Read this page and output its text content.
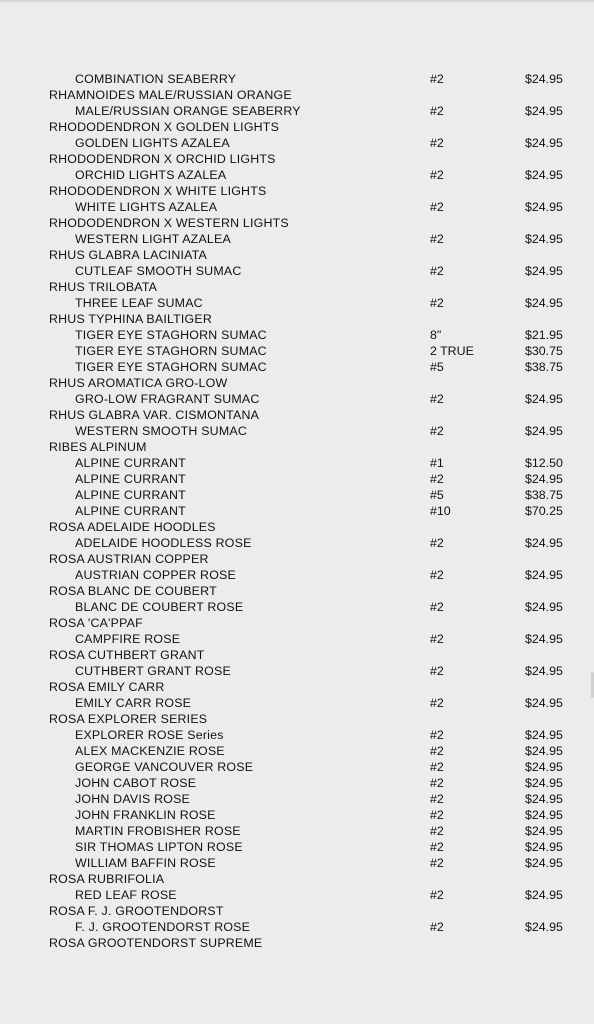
COMBINATION SEABERRY	#2	$24.95
RHAMNOIDES MALE/RUSSIAN ORANGE
MALE/RUSSIAN ORANGE SEABERRY	#2	$24.95
RHODODENDRON X GOLDEN LIGHTS
GOLDEN LIGHTS AZALEA	#2	$24.95
RHODODENDRON X ORCHID LIGHTS
ORCHID LIGHTS AZALEA	#2	$24.95
RHODODENDRON X WHITE LIGHTS
WHITE LIGHTS AZALEA	#2	$24.95
RHODODENDRON X WESTERN LIGHTS
WESTERN LIGHT AZALEA	#2	$24.95
RHUS GLABRA LACINIATA
CUTLEAF SMOOTH SUMAC	#2	$24.95
RHUS TRILOBATA
THREE LEAF SUMAC	#2	$24.95
RHUS TYPHINA BAILTIGER
TIGER EYE STAGHORN SUMAC	8"	$21.95
TIGER EYE STAGHORN SUMAC	2 TRUE	$30.75
TIGER EYE STAGHORN SUMAC	#5	$38.75
RHUS AROMATICA GRO-LOW
GRO-LOW FRAGRANT SUMAC	#2	$24.95
RHUS GLABRA VAR. CISMONTANA
WESTERN SMOOTH SUMAC	#2	$24.95
RIBES ALPINUM
ALPINE CURRANT	#1	$12.50
ALPINE CURRANT	#2	$24.95
ALPINE CURRANT	#5	$38.75
ALPINE CURRANT	#10	$70.25
ROSA ADELAIDE HOODLES
ADELAIDE HOODLESS ROSE	#2	$24.95
ROSA AUSTRIAN COPPER
AUSTRIAN COPPER ROSE	#2	$24.95
ROSA BLANC DE COUBERT
BLANC DE COUBERT ROSE	#2	$24.95
ROSA 'CA'PPAF
CAMPFIRE ROSE	#2	$24.95
ROSA CUTHBERT GRANT
CUTHBERT GRANT ROSE	#2	$24.95
ROSA EMILY CARR
EMILY CARR ROSE	#2	$24.95
ROSA EXPLORER SERIES
EXPLORER ROSE Series	#2	$24.95
ALEX MACKENZIE ROSE	#2	$24.95
GEORGE VANCOUVER ROSE	#2	$24.95
JOHN CABOT ROSE	#2	$24.95
JOHN DAVIS ROSE	#2	$24.95
JOHN FRANKLIN ROSE	#2	$24.95
MARTIN FROBISHER ROSE	#2	$24.95
SIR THOMAS LIPTON ROSE	#2	$24.95
WILLIAM BAFFIN ROSE	#2	$24.95
ROSA RUBRIFOLIA
RED LEAF ROSE	#2	$24.95
ROSA F. J. GROOTENDORST
F. J. GROOTENDORST ROSE	#2	$24.95
ROSA GROOTENDORST SUPREME
